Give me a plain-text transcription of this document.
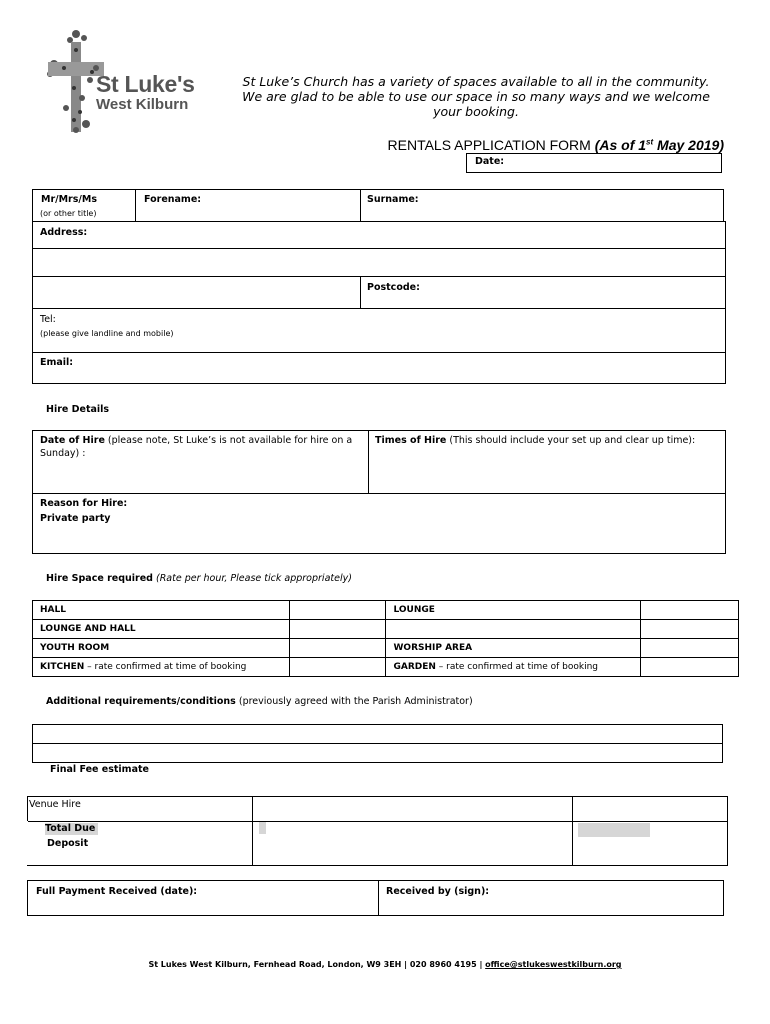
St Luke's
West Kilburn
St Luke’s Church has a variety of spaces available to all in the community.
We are glad to be able to use our space in so many ways and we welcome
your booking.
RENTALS APPLICATION FORM (As of 1st May 2019)
Date:
Mr/Mrs/Ms
(or other title)
Forename:	Surname:
Address:
Postcode:
Tel:
(please give landline and mobile)
Email:
Hire Details
Date of Hire (please note, St Luke’s is not available for hire on a
Sunday) :
Times of Hire (This should include your set up and clear up time):
Reason for Hire:
Private party
Hire Space required (Rate per hour, Please tick appropriately)
HALL		LOUNGE	
LOUNGE AND HALL			
YOUTH ROOM		WORSHIP AREA	
KITCHEN – rate confirmed at time of booking		GARDEN – rate confirmed at time of booking	
Additional requirements/conditions (previously agreed with the Parish Administrator)
Final Fee estimate
Venue Hire
Total Due
Deposit
Full Payment Received (date):	Received by (sign):
St Lukes West Kilburn, Fernhead Road, London, W9 3EH | 020 8960 4195 | office@stlukeswestkilburn.org
